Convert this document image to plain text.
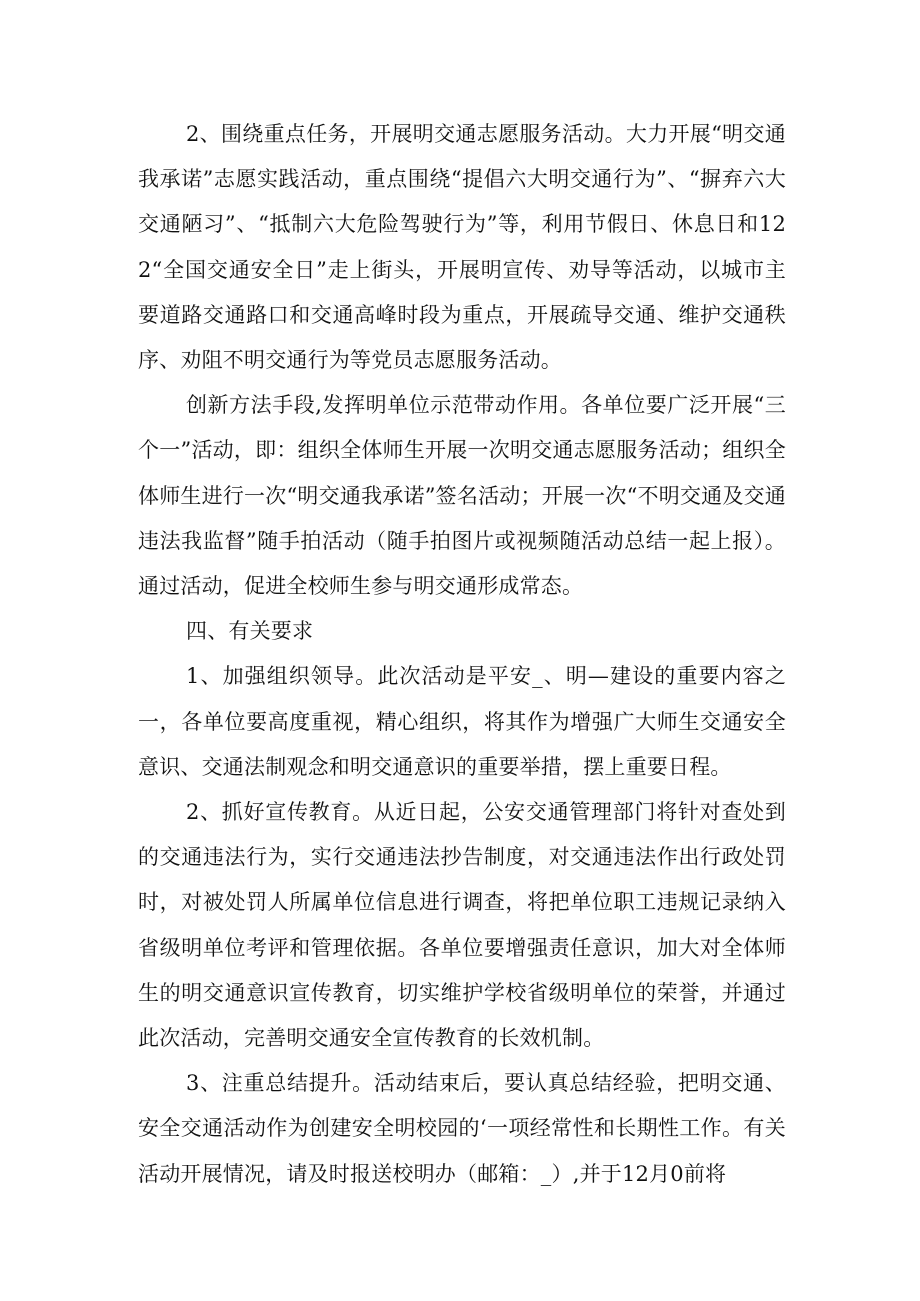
2、围绕重点任务，开展明交通志愿服务活动。大力开展“明交通我承诺”志愿实践活动，重点围绕“提倡六大明交通行为”、“摒弃六大交通陋习”、“抵制六大危险驾驶行为”等，利用节假日、休息日和122“全国交通安全日”走上街头，开展明宣传、劝导等活动，以城市主要道路交通路口和交通高峰时段为重点，开展疏导交通、维护交通秩序、劝阻不明交通行为等党员志愿服务活动。

创新方法手段,发挥明单位示范带动作用。各单位要广泛开展“三个一”活动，即：组织全体师生开展一次明交通志愿服务活动；组织全体师生进行一次“明交通我承诺”签名活动；开展一次“不明交通及交通违法我监督”随手拍活动（随手拍图片或视频随活动总结一起上报）。通过活动，促进全校师生参与明交通形成常态。

四、有关要求

1、加强组织领导。此次活动是平安_、明—建设的重要内容之一，各单位要高度重视，精心组织，将其作为增强广大师生交通安全意识、交通法制观念和明交通意识的重要举措，摆上重要日程。

2、抓好宣传教育。从近日起，公安交通管理部门将针对查处到的交通违法行为，实行交通违法抄告制度，对交通违法作出行政处罚时，对被处罚人所属单位信息进行调查，将把单位职工违规记录纳入省级明单位考评和管理依据。各单位要增强责任意识，加大对全体师生的明交通意识宣传教育，切实维护学校省级明单位的荣誉，并通过此次活动，完善明交通安全宣传教育的长效机制。

3、注重总结提升。活动结束后，要认真总结经验，把明交通、安全交通活动作为创建安全明校园的‘一项经常性和长期性工作。有关活动开展情况，请及时报送校明办（邮箱：_）,并于12月0前将
